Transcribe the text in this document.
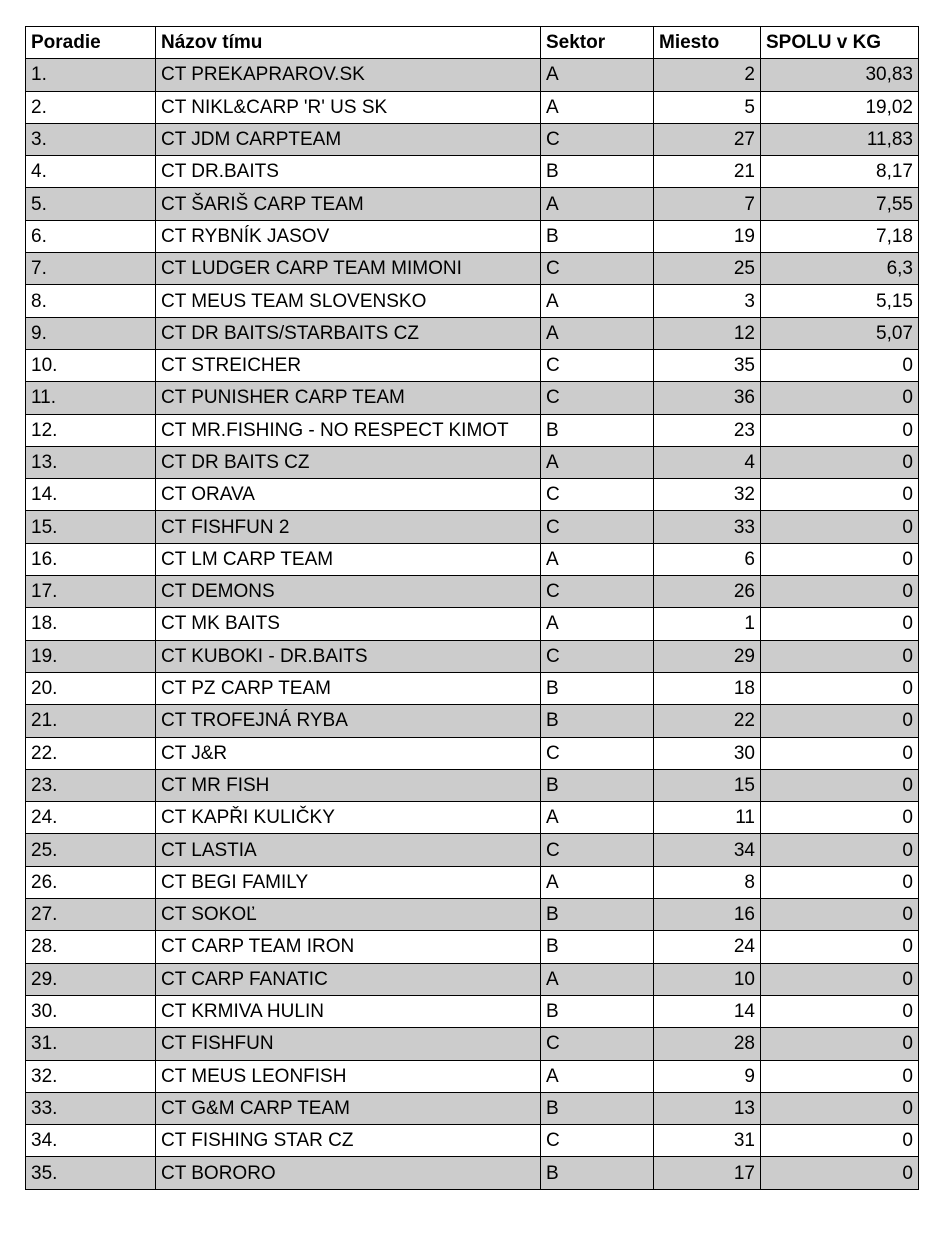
Poradie	Názov tímu	Sektor	Miesto	SPOLU v KG
1.	CT PREKAPRAROV.SK	A	2	30,83
2.	CT NIKL&CARP 'R' US SK	A	5	19,02
3.	CT JDM CARPTEAM	C	27	11,83
4.	CT DR.BAITS	B	21	8,17
5.	CT ŠARIŠ CARP TEAM	A	7	7,55
6.	CT RYBNÍK JASOV	B	19	7,18
7.	CT LUDGER CARP TEAM MIMONI	C	25	6,3
8.	CT MEUS TEAM SLOVENSKO	A	3	5,15
9.	CT DR BAITS/STARBAITS CZ	A	12	5,07
10.	CT STREICHER	C	35	0
11.	CT PUNISHER CARP TEAM	C	36	0
12.	CT MR.FISHING - NO RESPECT KIMOT	B	23	0
13.	CT DR BAITS CZ	A	4	0
14.	CT ORAVA	C	32	0
15.	CT FISHFUN 2	C	33	0
16.	CT LM CARP TEAM	A	6	0
17.	CT DEMONS	C	26	0
18.	CT MK BAITS	A	1	0
19.	CT KUBOKI - DR.BAITS	C	29	0
20.	CT PZ CARP TEAM	B	18	0
21.	CT TROFEJNÁ RYBA	B	22	0
22.	CT J&R	C	30	0
23.	CT MR FISH	B	15	0
24.	CT KAPŘI KULIČKY	A	11	0
25.	CT LASTIA	C	34	0
26.	CT BEGI FAMILY	A	8	0
27.	CT SOKOĽ	B	16	0
28.	CT CARP TEAM IRON	B	24	0
29.	CT CARP FANATIC	A	10	0
30.	CT KRMIVA HULIN	B	14	0
31.	CT FISHFUN	C	28	0
32.	CT MEUS LEONFISH	A	9	0
33.	CT G&M CARP TEAM	B	13	0
34.	CT FISHING STAR CZ	C	31	0
35.	CT BORORO	B	17	0
